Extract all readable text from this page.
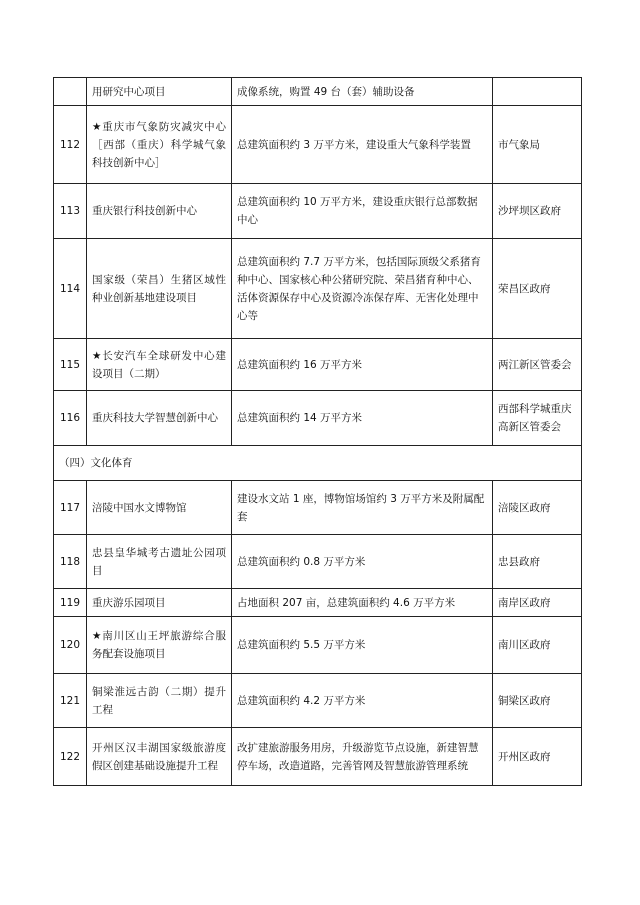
	用研究中心项目	成像系统，购置 49 台（套）辅助设备	
112	★重庆市气象防灾减灾中心［西部（重庆）科学城气象科技创新中心］	总建筑面积约 3 万平方米，建设重大气象科学装置	市气象局
113	重庆银行科技创新中心	总建筑面积约 10 万平方米，建设重庆银行总部数据中心	沙坪坝区政府
114	国家级（荣昌）生猪区域性种业创新基地建设项目	总建筑面积约 7.7 万平方米，包括国际顶级父系猪育种中心、国家核心种公猪研究院、荣昌猪育种中心、活体资源保存中心及资源冷冻保存库、无害化处理中心等	荣昌区政府
115	★长安汽车全球研发中心建设项目（二期）	总建筑面积约 16 万平方米	两江新区管委会
116	重庆科技大学智慧创新中心	总建筑面积约 14 万平方米	西部科学城重庆高新区管委会
（四）文化体育			
117	涪陵中国水文博物馆	建设水文站 1 座，博物馆场馆约 3 万平方米及附属配套	涪陵区政府
118	忠县皇华城考古遗址公园项目	总建筑面积约 0.8 万平方米	忠县政府
119	重庆游乐园项目	占地面积 207 亩，总建筑面积约 4.6 万平方米	南岸区政府
120	★南川区山王坪旅游综合服务配套设施项目	总建筑面积约 5.5 万平方米	南川区政府
121	铜梁淮远古韵（二期）提升工程	总建筑面积约 4.2 万平方米	铜梁区政府
122	开州区汉丰湖国家级旅游度假区创建基础设施提升工程	改扩建旅游服务用房，升级游览节点设施，新建智慧停车场，改造道路，完善管网及智慧旅游管理系统	开州区政府
